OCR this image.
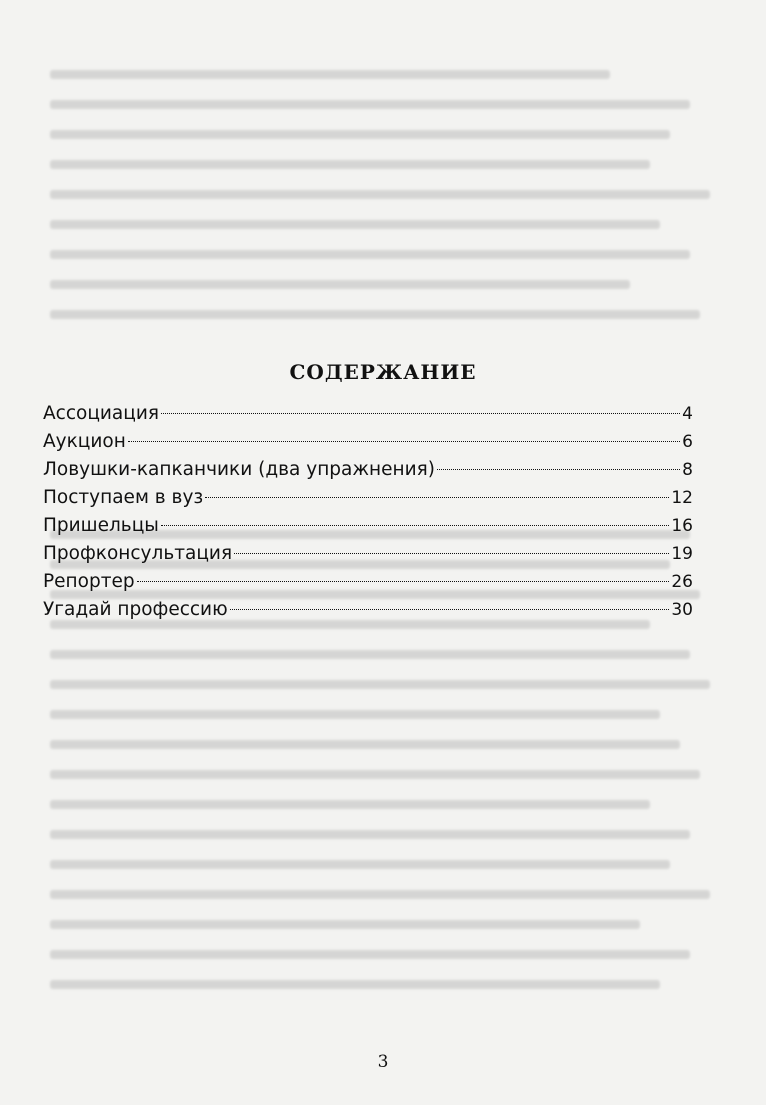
СОДЕРЖАНИЕ
Ассоциация	4
Аукцион	6
Ловушки-капканчики (два упражнения)	8
Поступаем в вуз	12
Пришельцы	16
Профконсультация	19
Репортер	26
Угадай профессию	30
3
